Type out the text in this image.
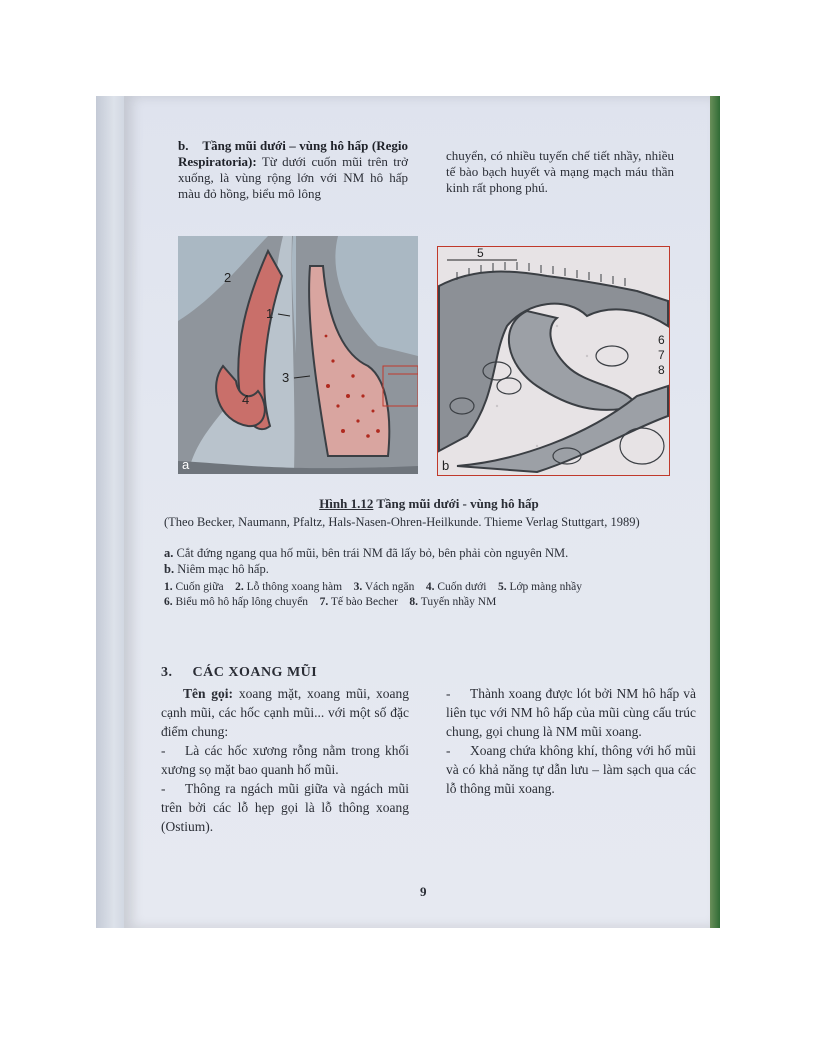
b. Tầng mũi dưới – vùng hô hấp (Regio Respiratoria): Từ dưới cuốn mũi trên trở xuống, là vùng rộng lớn với NM hô hấp màu đỏ hồng, biểu mô lông

chuyển, có nhiều tuyến chế tiết nhầy, nhiều tế bào bạch huyết và mạng mạch máu thần kinh rất phong phú.

a
2
1
3
4
5
6
7
8
b

Hình 1.12 Tầng mũi dưới - vùng hô hấp

(Theo Becker, Naumann, Pfaltz, Hals-Nasen-Ohren-Heilkunde. Thieme Verlag Stuttgart, 1989)

a. Cắt đứng ngang qua hố mũi, bên trái NM đã lấy bỏ, bên phải còn nguyên NM.

b. Niêm mạc hô hấp.

1. Cuốn giữa 2. Lỗ thông xoang hàm 3. Vách ngăn 4. Cuốn dưới 5. Lớp màng nhầy

6. Biểu mô hô hấp lông chuyển 7. Tế bào Becher 8. Tuyến nhầy NM

3. CÁC XOANG MŨI

Tên gọi: xoang mặt, xoang mũi, xoang cạnh mũi, các hốc cạnh mũi... với một số đặc điểm chung:

- Là các hốc xương rỗng nằm trong khối xương sọ mặt bao quanh hố mũi.

- Thông ra ngách mũi giữa và ngách mũi trên bởi các lỗ hẹp gọi là lỗ thông xoang (Ostium).

- Thành xoang được lót bởi NM hô hấp và liên tục với NM hô hấp của mũi cùng cấu trúc chung, gọi chung là NM mũi xoang.

- Xoang chứa không khí, thông với hố mũi và có khả năng tự dẫn lưu – làm sạch qua các lỗ thông mũi xoang.

9
